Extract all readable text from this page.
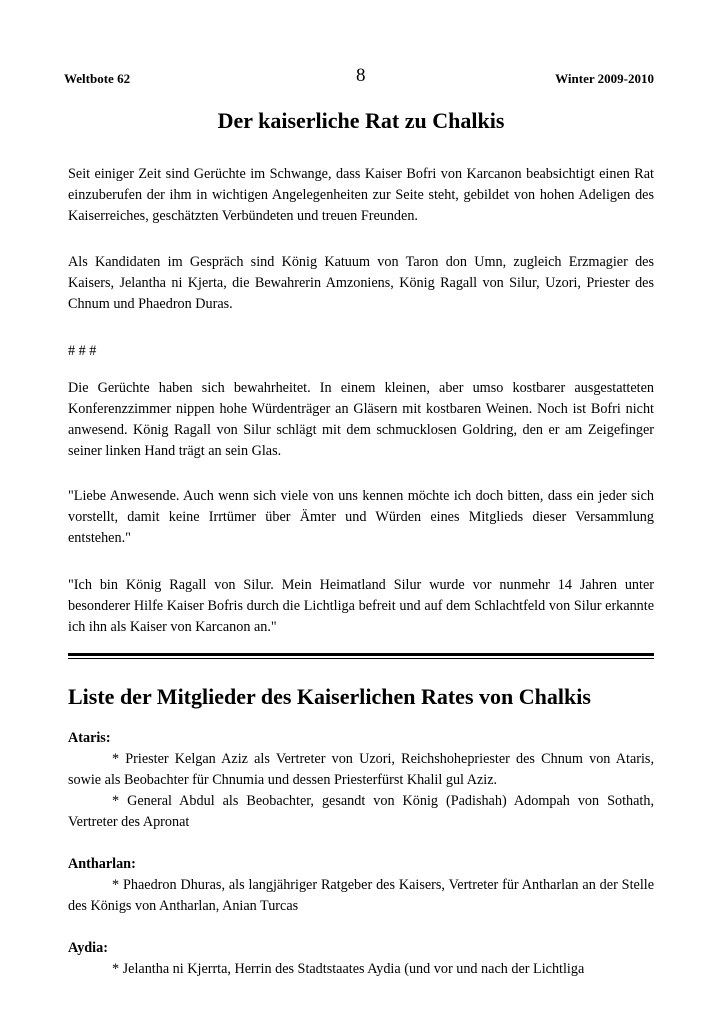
Weltbote 62	8	Winter 2009-2010
Der kaiserliche Rat zu Chalkis

Seit einiger Zeit sind Gerüchte im Schwange, dass Kaiser Bofri von Karcanon beabsichtigt einen Rat einzuberufen der ihm in wichtigen Angelegenheiten zur Seite steht, gebildet von hohen Adeligen des Kaiserreiches, geschätzten Verbündeten und treuen Freunden.

Als Kandidaten im Gespräch sind König Katuum von Taron don Umn, zugleich Erzmagier des Kaisers, Jelantha ni Kjerta, die Bewahrerin Amzoniens, König Ragall von Silur, Uzori, Priester des Chnum und Phaedron Duras.

# # #

Die Gerüchte haben sich bewahrheitet. In einem kleinen, aber umso kostbarer ausgestatteten Konferenzzimmer nippen hohe Würdenträger an Gläsern mit kostbaren Weinen. Noch ist Bofri nicht anwesend. König Ragall von Silur schlägt mit dem schmucklosen Goldring, den er am Zeigefinger seiner linken Hand trägt an sein Glas.

"Liebe Anwesende. Auch wenn sich viele von uns kennen möchte ich doch bitten, dass ein jeder sich vorstellt, damit keine Irrtümer über Ämter und Würden eines Mitglieds dieser Versammlung entstehen."

"Ich bin König Ragall von Silur. Mein Heimatland Silur wurde vor nunmehr 14 Jahren unter besonderer Hilfe Kaiser Bofris durch die Lichtliga befreit und auf dem Schlachtfeld von Silur erkannte ich ihn als Kaiser von Karcanon an."

Liste der Mitglieder des Kaiserlichen Rates von Chalkis

Ataris:

* Priester Kelgan Aziz als Vertreter von Uzori, Reichshohepriester des Chnum von Ataris, sowie als Beobachter für Chnumia und dessen Priesterfürst Khalil gul Aziz.

* General Abdul als Beobachter, gesandt von König (Padishah) Adompah von Sothath, Vertreter des Apronat

Antharlan:

* Phaedron Dhuras, als langjähriger Ratgeber des Kaisers, Vertreter für Antharlan an der Stelle des Königs von Antharlan, Anian Turcas

Aydia:

* Jelantha ni Kjerrta, Herrin des Stadtstaates Aydia (und vor und nach der Lichtliga
